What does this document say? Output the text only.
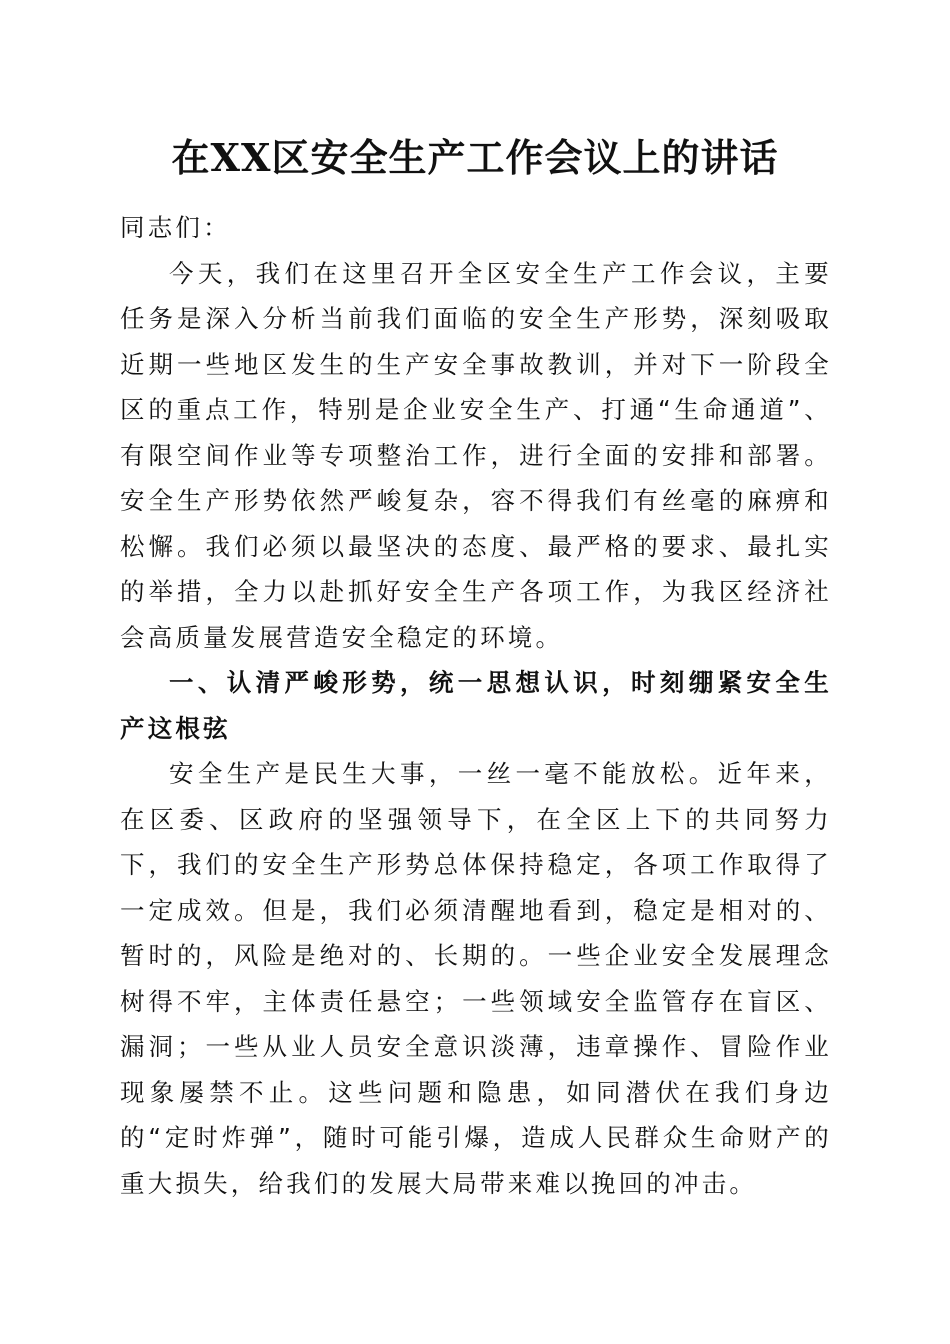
在XX区安全生产工作会议上的讲话

同志们：

今天，我们在这里召开全区安全生产工作会议，主要任务是深入分析当前我们面临的安全生产形势，深刻吸取近期一些地区发生的生产安全事故教训，并对下一阶段全区的重点工作，特别是企业安全生产、打通“生命通道”、有限空间作业等专项整治工作，进行全面的安排和部署。安全生产形势依然严峻复杂，容不得我们有丝毫的麻痹和松懈。我们必须以最坚决的态度、最严格的要求、最扎实的举措，全力以赴抓好安全生产各项工作，为我区经济社会高质量发展营造安全稳定的环境。

一、认清严峻形势，统一思想认识，时刻绷紧安全生产这根弦

安全生产是民生大事，一丝一毫不能放松。近年来，在区委、区政府的坚强领导下，在全区上下的共同努力下，我们的安全生产形势总体保持稳定，各项工作取得了一定成效。但是，我们必须清醒地看到，稳定是相对的、暂时的，风险是绝对的、长期的。一些企业安全发展理念树得不牢，主体责任悬空；一些领域安全监管存在盲区、漏洞；一些从业人员安全意识淡薄，违章操作、冒险作业现象屡禁不止。这些问题和隐患，如同潜伏在我们身边的“定时炸弹”，随时可能引爆，造成人民群众生命财产的重大损失，给我们的发展大局带来难以挽回的冲击。
